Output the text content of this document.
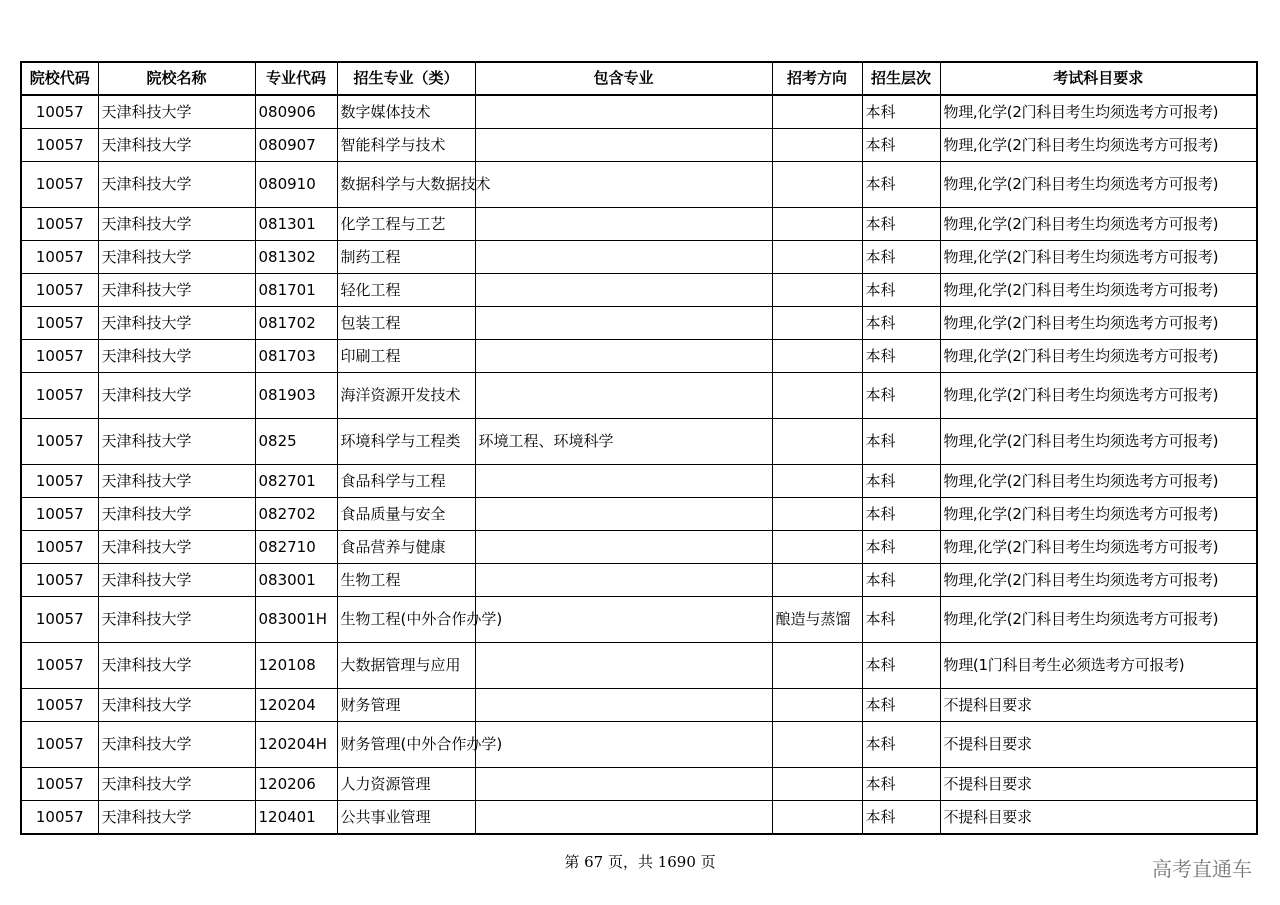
院校代码	院校名称	专业代码	招生专业（类）	包含专业	招考方向	招生层次	考试科目要求
10057	天津科技大学	080906	数字媒体技术			本科	物理,化学(2门科目考生均须选考方可报考)
10057	天津科技大学	080907	智能科学与技术			本科	物理,化学(2门科目考生均须选考方可报考)
10057	天津科技大学	080910	数据科学与大数据技术			本科	物理,化学(2门科目考生均须选考方可报考)
10057	天津科技大学	081301	化学工程与工艺			本科	物理,化学(2门科目考生均须选考方可报考)
10057	天津科技大学	081302	制药工程			本科	物理,化学(2门科目考生均须选考方可报考)
10057	天津科技大学	081701	轻化工程			本科	物理,化学(2门科目考生均须选考方可报考)
10057	天津科技大学	081702	包装工程			本科	物理,化学(2门科目考生均须选考方可报考)
10057	天津科技大学	081703	印刷工程			本科	物理,化学(2门科目考生均须选考方可报考)
10057	天津科技大学	081903	海洋资源开发技术			本科	物理,化学(2门科目考生均须选考方可报考)
10057	天津科技大学	0825	环境科学与工程类	环境工程、环境科学		本科	物理,化学(2门科目考生均须选考方可报考)
10057	天津科技大学	082701	食品科学与工程			本科	物理,化学(2门科目考生均须选考方可报考)
10057	天津科技大学	082702	食品质量与安全			本科	物理,化学(2门科目考生均须选考方可报考)
10057	天津科技大学	082710	食品营养与健康			本科	物理,化学(2门科目考生均须选考方可报考)
10057	天津科技大学	083001	生物工程			本科	物理,化学(2门科目考生均须选考方可报考)
10057	天津科技大学	083001H	生物工程(中外合作办学)		酿造与蒸馏	本科	物理,化学(2门科目考生均须选考方可报考)
10057	天津科技大学	120108	大数据管理与应用			本科	物理(1门科目考生必须选考方可报考)
10057	天津科技大学	120204	财务管理			本科	不提科目要求
10057	天津科技大学	120204H	财务管理(中外合作办学)			本科	不提科目要求
10057	天津科技大学	120206	人力资源管理			本科	不提科目要求
10057	天津科技大学	120401	公共事业管理			本科	不提科目要求
第 67 页，共 1690 页	高考直通车
